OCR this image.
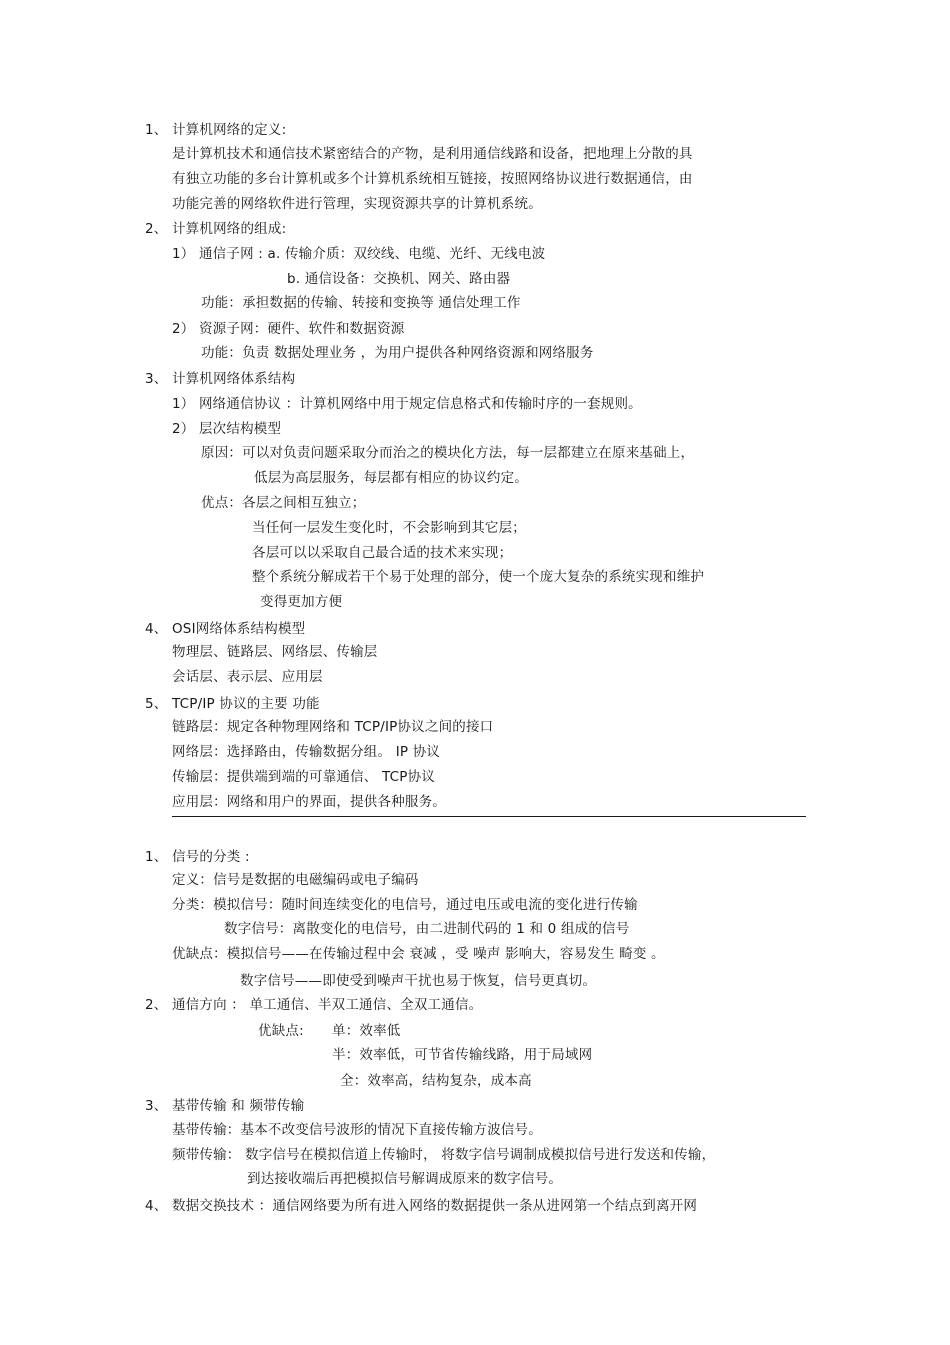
1、 计算机网络的定义:
是计算机技术和通信技术紧密结合的产物，是利用通信线路和设备，把地理上分散的具
有独立功能的多台计算机或多个计算机系统相互链接，按照网络协议进行数据通信，由
功能完善的网络软件进行管理，实现资源共享的计算机系统。
2、 计算机网络的组成:
1） 通信子网 : a. 传输介质：双绞线、电缆、光纤、无线电波
b. 通信设备：交换机、网关、路由器
功能：承担数据的传输、转接和变换等 通信处理工作
2） 资源子网：硬件、软件和数据资源
功能：负责 数据处理业务 ，为用户提供各种网络资源和网络服务
3、 计算机网络体系结构
1） 网络通信协议 ：计算机网络中用于规定信息格式和传输时序的一套规则。
2） 层次结构模型
原因：可以对负责问题采取分而治之的模块化方法，每一层都建立在原来基础上，
低层为高层服务，每层都有相应的协议约定。
优点：各层之间相互独立；
当任何一层发生变化时，不会影响到其它层；
各层可以以采取自己最合适的技术来实现；
整个系统分解成若干个易于处理的部分，使一个庞大复杂的系统实现和维护
变得更加方便
4、 OSI网络体系结构模型
物理层、链路层、网络层、传输层
会话层、表示层、应用层
5、 TCP/IP 协议的主要 功能
链路层：规定各种物理网络和 TCP/IP协议之间的接口
网络层：选择路由，传输数据分组。 IP 协议
传输层：提供端到端的可靠通信、 TCP协议
应用层：网络和用户的界面，提供各种服务。
1、 信号的分类 :
定义：信号是数据的电磁编码或电子编码
分类：模拟信号：随时间连续变化的电信号，通过电压或电流的变化进行传输
数字信号：离散变化的电信号，由二进制代码的 1 和 0 组成的信号
优缺点：模拟信号——在传输过程中会 衰减 ，受 噪声 影响大，容易发生 畸变 。
数字信号——即使受到噪声干扰也易于恢复，信号更真切。
2、 通信方向 ： 单工通信、半双工通信、全双工通信。
优缺点: 单：效率低
半：效率低，可节省传输线路，用于局域网
全：效率高，结构复杂，成本高
3、 基带传输 和 频带传输
基带传输：基本不改变信号波形的情况下直接传输方波信号。
频带传输： 数字信号在模拟信道上传输时， 将数字信号调制成模拟信号进行发送和传输，
到达接收端后再把模拟信号解调成原来的数字信号。
4、 数据交换技术 ：通信网络要为所有进入网络的数据提供一条从进网第一个结点到离开网
